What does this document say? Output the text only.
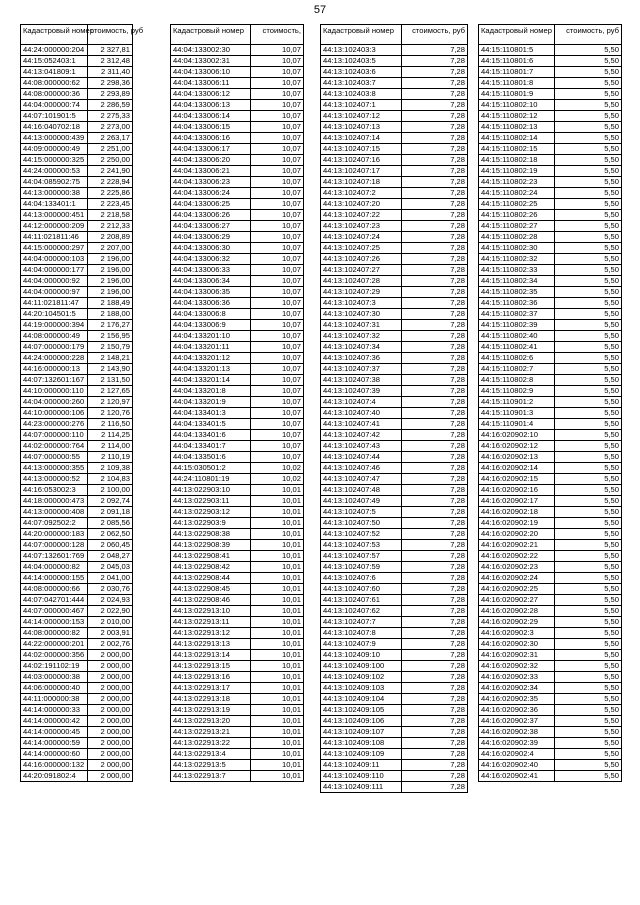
57
Кадастровый номер	стоимость, руб
44:24:000000:204	2 327,81
44:15:052403:1	2 312,48
44:13:041809:1	2 311,40
44:08:000000:62	2 298,36
44:08:000000:36	2 293,89
44:04:000000:74	2 286,59
44:07:101901:5	2 275,33
44:16:040702:18	2 273,00
44:13:000000:439	2 263,17
44:09:000000:49	2 251,00
44:15:000000:325	2 250,00
44:24:000000:53	2 241,90
44:04:085902:75	2 228,94
44:13:000000:38	2 225,86
44:04:133401:1	2 223,45
44:13:000000:451	2 218,58
44:12:000000:209	2 212,33
44:11:021811:46	2 208,89
44:15:000000:297	2 207,00
44:04:000000:103	2 196,00
44:04:000000:177	2 196,00
44:04:000000:92	2 196,00
44:04:000000:97	2 196,00
44:11:021811:47	2 188,49
44:20:104501:5	2 188,00
44:19:000000:394	2 176,27
44:08:000000:49	2 156,95
44:07:000000:179	2 150,79
44:24:000000:228	2 148,21
44:16:000000:13	2 143,90
44:07:132601:167	2 131,50
44:10:000000:110	2 127,65
44:04:000000:260	2 120,97
44:10:000000:106	2 120,76
44:23:000000:276	2 116,50
44:07:000000:110	2 114,25
44:02:000000:764	2 114,00
44:07:000000:55	2 110,19
44:13:000000:355	2 109,38
44:13:000000:52	2 104,83
44:16:053002:3	2 100,00
44:18:000000:473	2 092,74
44:13:000000:408	2 091,18
44:07:092502:2	2 085,56
44:20:000000:183	2 062,50
44:07:000000:128	2 060,45
44:07:132601:769	2 048,27
44:04:000000:82	2 045,03
44:14:000000:155	2 041,00
44:08:000000:66	2 030,76
44:07:042701:444	2 024,93
44:07:000000:467	2 022,90
44:14:000000:153	2 010,00
44:08:000000:82	2 003,91
44:22:000000:201	2 002,76
44:02:000000:356	2 000,00
44:02:191102:19	2 000,00
44:03:000000:38	2 000,00
44:06:000000:40	2 000,00
44:11:000000:38	2 000,00
44:14:000000:33	2 000,00
44:14:000000:42	2 000,00
44:14:000000:45	2 000,00
44:14:000000:59	2 000,00
44:14:000000:60	2 000,00
44:16:000000:132	2 000,00
44:20:091802:4	2 000,00
Кадастровый номер	стоимость,
44:04:133002:30	10,07
44:04:133002:31	10,07
44:04:133006:10	10,07
44:04:133006:11	10,07
44:04:133006:12	10,07
44:04:133006:13	10,07
44:04:133006:14	10,07
44:04:133006:15	10,07
44:04:133006:16	10,07
44:04:133006:17	10,07
44:04:133006:20	10,07
44:04:133006:21	10,07
44:04:133006:23	10,07
44:04:133006:24	10,07
44:04:133006:25	10,07
44:04:133006:26	10,07
44:04:133006:27	10,07
44:04:133006:29	10,07
44:04:133006:30	10,07
44:04:133006:32	10,07
44:04:133006:33	10,07
44:04:133006:34	10,07
44:04:133006:35	10,07
44:04:133006:36	10,07
44:04:133006:8	10,07
44:04:133006:9	10,07
44:04:133201:10	10,07
44:04:133201:11	10,07
44:04:133201:12	10,07
44:04:133201:13	10,07
44:04:133201:14	10,07
44:04:133201:8	10,07
44:04:133201:9	10,07
44:04:133401:3	10,07
44:04:133401:5	10,07
44:04:133401:6	10,07
44:04:133401:7	10,07
44:04:133501:6	10,07
44:15:030501:2	10,02
44:24:110801:19	10,02
44:13:022903:10	10,01
44:13:022903:11	10,01
44:13:022903:12	10,01
44:13:022903:9	10,01
44:13:022908:38	10,01
44:13:022908:39	10,01
44:13:022908:41	10,01
44:13:022908:42	10,01
44:13:022908:44	10,01
44:13:022908:45	10,01
44:13:022908:46	10,01
44:13:022913:10	10,01
44:13:022913:11	10,01
44:13:022913:12	10,01
44:13:022913:13	10,01
44:13:022913:14	10,01
44:13:022913:15	10,01
44:13:022913:16	10,01
44:13:022913:17	10,01
44:13:022913:18	10,01
44:13:022913:19	10,01
44:13:022913:20	10,01
44:13:022913:21	10,01
44:13:022913:22	10,01
44:13:022913:4	10,01
44:13:022913:5	10,01
44:13:022913:7	10,01
Кадастровый номер	стоимость, руб
44:13:102403:3	7,28
44:13:102403:5	7,28
44:13:102403:6	7,28
44:13:102403:7	7,28
44:13:102403:8	7,28
44:13:102407:1	7,28
44:13:102407:12	7,28
44:13:102407:13	7,28
44:13:102407:14	7,28
44:13:102407:15	7,28
44:13:102407:16	7,28
44:13:102407:17	7,28
44:13:102407:18	7,28
44:13:102407:2	7,28
44:13:102407:20	7,28
44:13:102407:22	7,28
44:13:102407:23	7,28
44:13:102407:24	7,28
44:13:102407:25	7,28
44:13:102407:26	7,28
44:13:102407:27	7,28
44:13:102407:28	7,28
44:13:102407:29	7,28
44:13:102407:3	7,28
44:13:102407:30	7,28
44:13:102407:31	7,28
44:13:102407:32	7,28
44:13:102407:34	7,28
44:13:102407:36	7,28
44:13:102407:37	7,28
44:13:102407:38	7,28
44:13:102407:39	7,28
44:13:102407:4	7,28
44:13:102407:40	7,28
44:13:102407:41	7,28
44:13:102407:42	7,28
44:13:102407:43	7,28
44:13:102407:44	7,28
44:13:102407:46	7,28
44:13:102407:47	7,28
44:13:102407:48	7,28
44:13:102407:49	7,28
44:13:102407:5	7,28
44:13:102407:50	7,28
44:13:102407:52	7,28
44:13:102407:53	7,28
44:13:102407:57	7,28
44:13:102407:59	7,28
44:13:102407:6	7,28
44:13:102407:60	7,28
44:13:102407:61	7,28
44:13:102407:62	7,28
44:13:102407:7	7,28
44:13:102407:8	7,28
44:13:102407:9	7,28
44:13:102409:10	7,28
44:13:102409:100	7,28
44:13:102409:102	7,28
44:13:102409:103	7,28
44:13:102409:104	7,28
44:13:102409:105	7,28
44:13:102409:106	7,28
44:13:102409:107	7,28
44:13:102409:108	7,28
44:13:102409:109	7,28
44:13:102409:11	7,28
44:13:102409:110	7,28
44:13:102409:111	7,28
Кадастровый номер	стоимость, руб
44:15:110801:5	5,50
44:15:110801:6	5,50
44:15:110801:7	5,50
44:15:110801:8	5,50
44:15:110801:9	5,50
44:15:110802:10	5,50
44:15:110802:12	5,50
44:15:110802:13	5,50
44:15:110802:14	5,50
44:15:110802:15	5,50
44:15:110802:18	5,50
44:15:110802:19	5,50
44:15:110802:23	5,50
44:15:110802:24	5,50
44:15:110802:25	5,50
44:15:110802:26	5,50
44:15:110802:27	5,50
44:15:110802:28	5,50
44:15:110802:30	5,50
44:15:110802:32	5,50
44:15:110802:33	5,50
44:15:110802:34	5,50
44:15:110802:35	5,50
44:15:110802:36	5,50
44:15:110802:37	5,50
44:15:110802:39	5,50
44:15:110802:40	5,50
44:15:110802:41	5,50
44:15:110802:6	5,50
44:15:110802:7	5,50
44:15:110802:8	5,50
44:15:110802:9	5,50
44:15:110901:2	5,50
44:15:110901:3	5,50
44:15:110901:4	5,50
44:16:020902:10	5,50
44:16:020902:12	5,50
44:16:020902:13	5,50
44:16:020902:14	5,50
44:16:020902:15	5,50
44:16:020902:16	5,50
44:16:020902:17	5,50
44:16:020902:18	5,50
44:16:020902:19	5,50
44:16:020902:20	5,50
44:16:020902:21	5,50
44:16:020902:22	5,50
44:16:020902:23	5,50
44:16:020902:24	5,50
44:16:020902:25	5,50
44:16:020902:27	5,50
44:16:020902:28	5,50
44:16:020902:29	5,50
44:16:020902:3	5,50
44:16:020902:30	5,50
44:16:020902:31	5,50
44:16:020902:32	5,50
44:16:020902:33	5,50
44:16:020902:34	5,50
44:16:020902:35	5,50
44:16:020902:36	5,50
44:16:020902:37	5,50
44:16:020902:38	5,50
44:16:020902:39	5,50
44:16:020902:4	5,50
44:16:020902:40	5,50
44:16:020902:41	5,50
